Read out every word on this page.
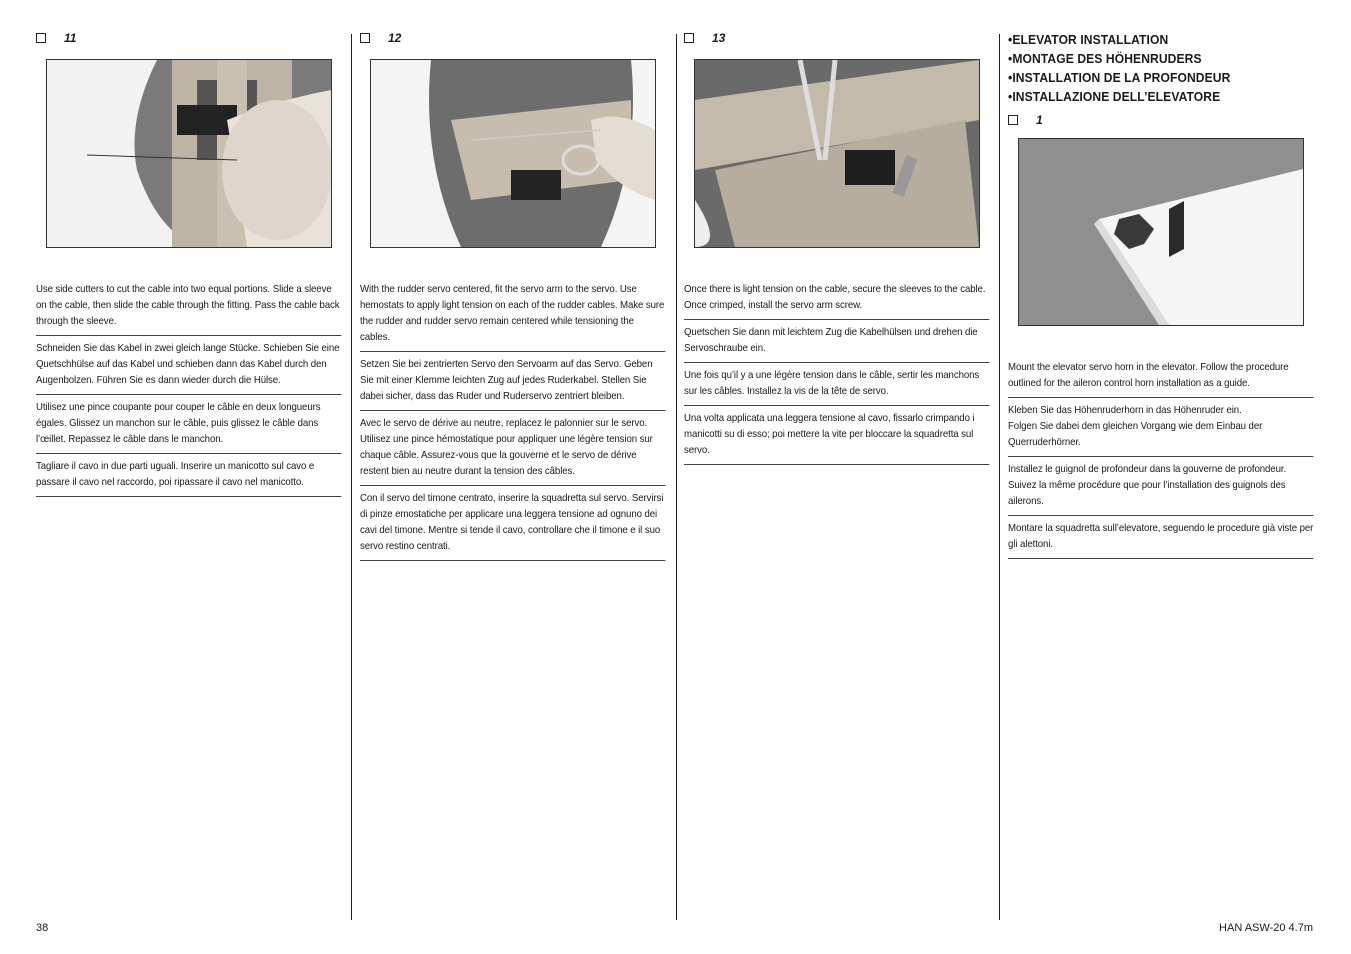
11
Use side cutters to cut the cable into two equal portions. Slide a sleeve on the cable, then slide the cable through the fitting. Pass the cable back through the sleeve.
Schneiden Sie das Kabel in zwei gleich lange Stücke. Schieben Sie eine Quetschhülse auf das Kabel und schieben dann das Kabel durch den Augenbolzen. Führen Sie es dann wieder durch die Hülse.
Utilisez une pince coupante pour couper le câble en deux longueurs égales. Glissez un manchon sur le câble, puis glissez le câble dans l’œillet. Repassez le câble dans le manchon.
Tagliare il cavo in due parti uguali. Inserire un manicotto sul cavo e passare il cavo nel raccordo, poi ripassare il cavo nel manicotto.
12
With the rudder servo centered, fit the servo arm to the servo. Use hemostats to apply light tension on each of the rudder cables. Make sure the rudder and rudder servo remain centered while tensioning the cables.
Setzen Sie bei zentrierten Servo den Servoarm auf das Servo. Geben Sie mit einer Klemme leichten Zug auf jedes Ruderkabel. Stellen Sie dabei sicher, dass das Ruder und Ruderservo zentriert bleiben.
Avec le servo de dérive au neutre, replacez le palonnier sur le servo. Utilisez une pince hémostatique pour appliquer une légère tension sur chaque câble. Assurez-vous que la gouverne et le servo de dérive restent bien au neutre durant la tension des câbles.
Con il servo del timone centrato, inserire la squadretta sul servo. Servirsi di pinze emostatiche per applicare una leggera tensione ad ognuno dei cavi del timone. Mentre si tende il cavo, controllare che il timone e il suo servo restino centrati.
13
Once there is light tension on the cable, secure the sleeves to the cable. Once crimped, install the servo arm screw.
Quetschen Sie dann mit leichtem Zug die Kabelhülsen und drehen die Servoschraube ein.
Une fois qu’il y a une légère tension dans le câble, sertir les manchons sur les câbles. Installez la vis de la tête de servo.
Una volta applicata una leggera tensione al cavo, fissarlo crimpando i manicotti su di esso; poi mettere la vite per bloccare la squadretta sul servo.
•ELEVATOR INSTALLATION
•MONTAGE DES HÖHENRUDERS
•INSTALLATION DE LA PROFONDEUR
•INSTALLAZIONE DELL’ELEVATORE
1
Mount the elevator servo horn in the elevator. Follow the procedure outlined for the aileron control horn installation as a guide.
Kleben Sie das Höhenruderhorn in das Höhenruder ein.
Folgen Sie dabei dem gleichen Vorgang wie dem Einbau der Querruderhörner.
Installez le guignol de profondeur dans la gouverne de profondeur. Suivez la même procédure que pour l’installation des guignols des ailerons.
Montare la squadretta sull’elevatore, seguendo le procedure già viste per gli alettoni.
38	HAN ASW-20 4.7m
